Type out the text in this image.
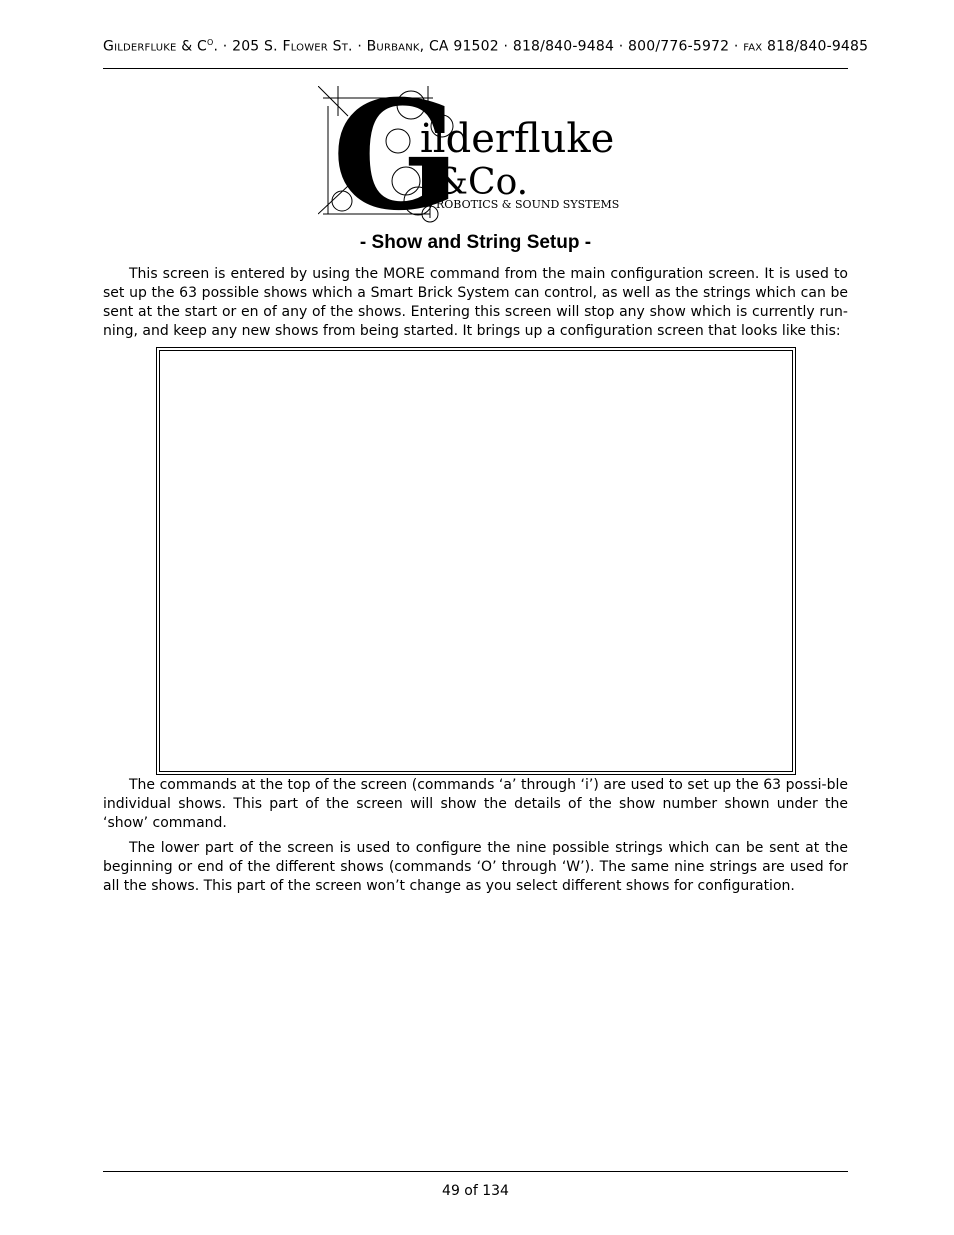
GILDERFLUKE & $C^O$. · 205 S. FLOWER ST. · BURBANK, CA 91502 · 818/840-9484 · 800/776-5972 · FAX 818/840-9485
G
ilderfluke
&Co.
ROBOTICS & SOUND SYSTEMS
- Show and String Setup -

This screen is entered by using the MORE command from the main configuration screen. It is used to set up the 63 possible shows which a Smart Brick System can control, as well as the strings which can be sent at the start or en of any of the shows. Entering this screen will stop any show which is currently run-ning, and keep any new shows from being started. It brings up a configuration screen that looks like this:

The commands at the top of the screen (commands ‘a’ through ‘i’) are used to set up the 63 possi-ble individual shows. This part of the screen will show the details of the show number shown under the ‘show’ command.

The lower part of the screen is used to configure the nine possible strings which can be sent at the beginning or end of the different shows (commands ‘O’ through ‘W’). The same nine strings are used for all the shows. This part of the screen won’t change as you select different shows for configuration.

49 of 134
